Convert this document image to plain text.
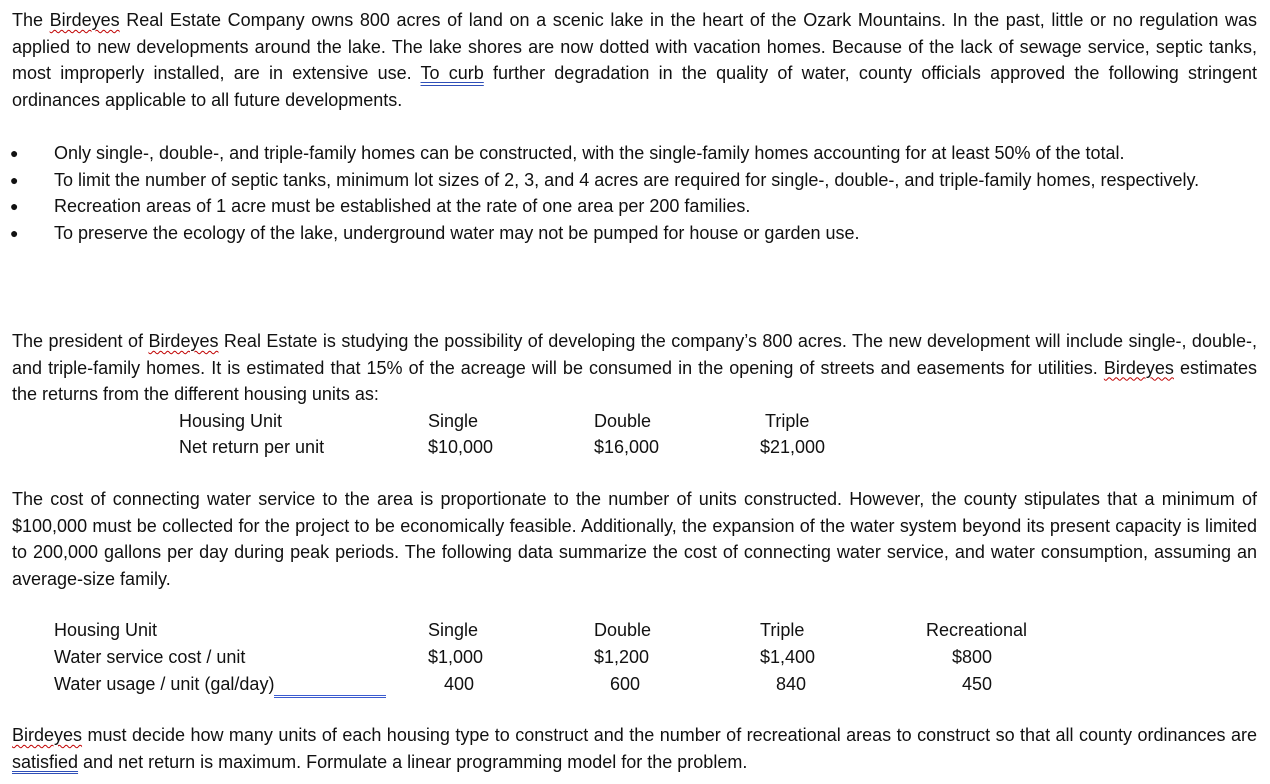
The Birdeyes Real Estate Company owns 800 acres of land on a scenic lake in the heart of the Ozark Mountains. In the past, little or no regulation was applied to new developments around the lake. The lake shores are now dotted with vacation homes. Because of the lack of sewage service, septic tanks, most improperly installed, are in extensive use. To curb further degradation in the quality of water, county officials approved the following stringent ordinances applicable to all future developments.

● Only single-, double-, and triple-family homes can be constructed, with the single-family homes accounting for at least 50% of the total.
● To limit the number of septic tanks, minimum lot sizes of 2, 3, and 4 acres are required for single-, double-, and triple-family homes, respectively.
● Recreation areas of 1 acre must be established at the rate of one area per 200 families.
● To preserve the ecology of the lake, underground water may not be pumped for house or garden use.

The president of Birdeyes Real Estate is studying the possibility of developing the company’s 800 acres. The new development will include single-, double-, and triple-family homes. It is estimated that 15% of the acreage will be consumed in the opening of streets and easements for utilities. Birdeyes estimates the returns from the different housing units as:

Housing Unit	Single	Double	Triple
Net return per unit	$10,000	$16,000	$21,000

The cost of connecting water service to the area is proportionate to the number of units constructed. However, the county stipulates that a minimum of $100,000 must be collected for the project to be economically feasible. Additionally, the expansion of the water system beyond its present capacity is limited to 200,000 gallons per day during peak periods. The following data summarize the cost of connecting water service, and water consumption, assuming an average-size family.

Housing Unit	Single	Double	Triple	Recreational
Water service cost / unit	$1,000	$1,200	$1,400	$800
Water usage / unit (gal/day)	400	600	840	450

Birdeyes must decide how many units of each housing type to construct and the number of recreational areas to construct so that all county ordinances are satisfied and net return is maximum. Formulate a linear programming model for the problem.
